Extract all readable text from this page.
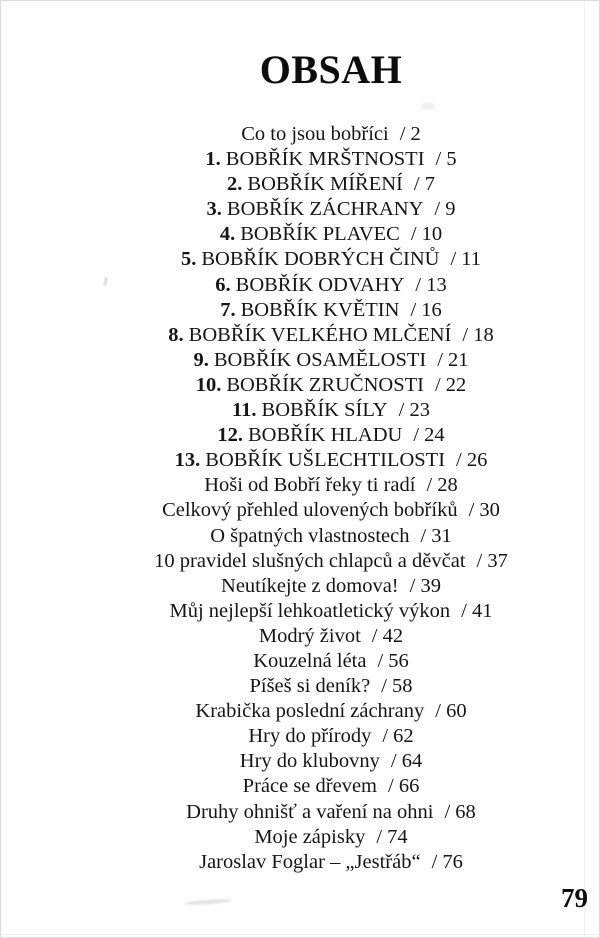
OBSAH
Co to jsou bobříci / 2
1. BOBŘÍK MRŠTNOSTI / 5
2. BOBŘÍK MÍŘENÍ / 7
3. BOBŘÍK ZÁCHRANY / 9
4. BOBŘÍK PLAVEC / 10
5. BOBŘÍK DOBRÝCH ČINŮ / 11
6. BOBŘÍK ODVAHY / 13
7. BOBŘÍK KVĚTIN / 16
8. BOBŘÍK VELKÉHO MLČENÍ / 18
9. BOBŘÍK OSAMĚLOSTI / 21
10. BOBŘÍK ZRUČNOSTI / 22
11. BOBŘÍK SÍLY / 23
12. BOBŘÍK HLADU / 24
13. BOBŘÍK UŠLECHTILOSTI / 26
Hoši od Bobří řeky ti radí / 28
Celkový přehled ulovených bobříků / 30
O špatných vlastnostech / 31
10 pravidel slušných chlapců a děvčat / 37
Neutíkejte z domova! / 39
Můj nejlepší lehkoatletický výkon / 41
Modrý život / 42
Kouzelná léta / 56
Píšeš si deník? / 58
Krabička poslední záchrany / 60
Hry do přírody / 62
Hry do klubovny / 64
Práce se dřevem / 66
Druhy ohnišť a vaření na ohni / 68
Moje zápisky / 74
Jaroslav Foglar – „Jestřáb“ / 76
79
